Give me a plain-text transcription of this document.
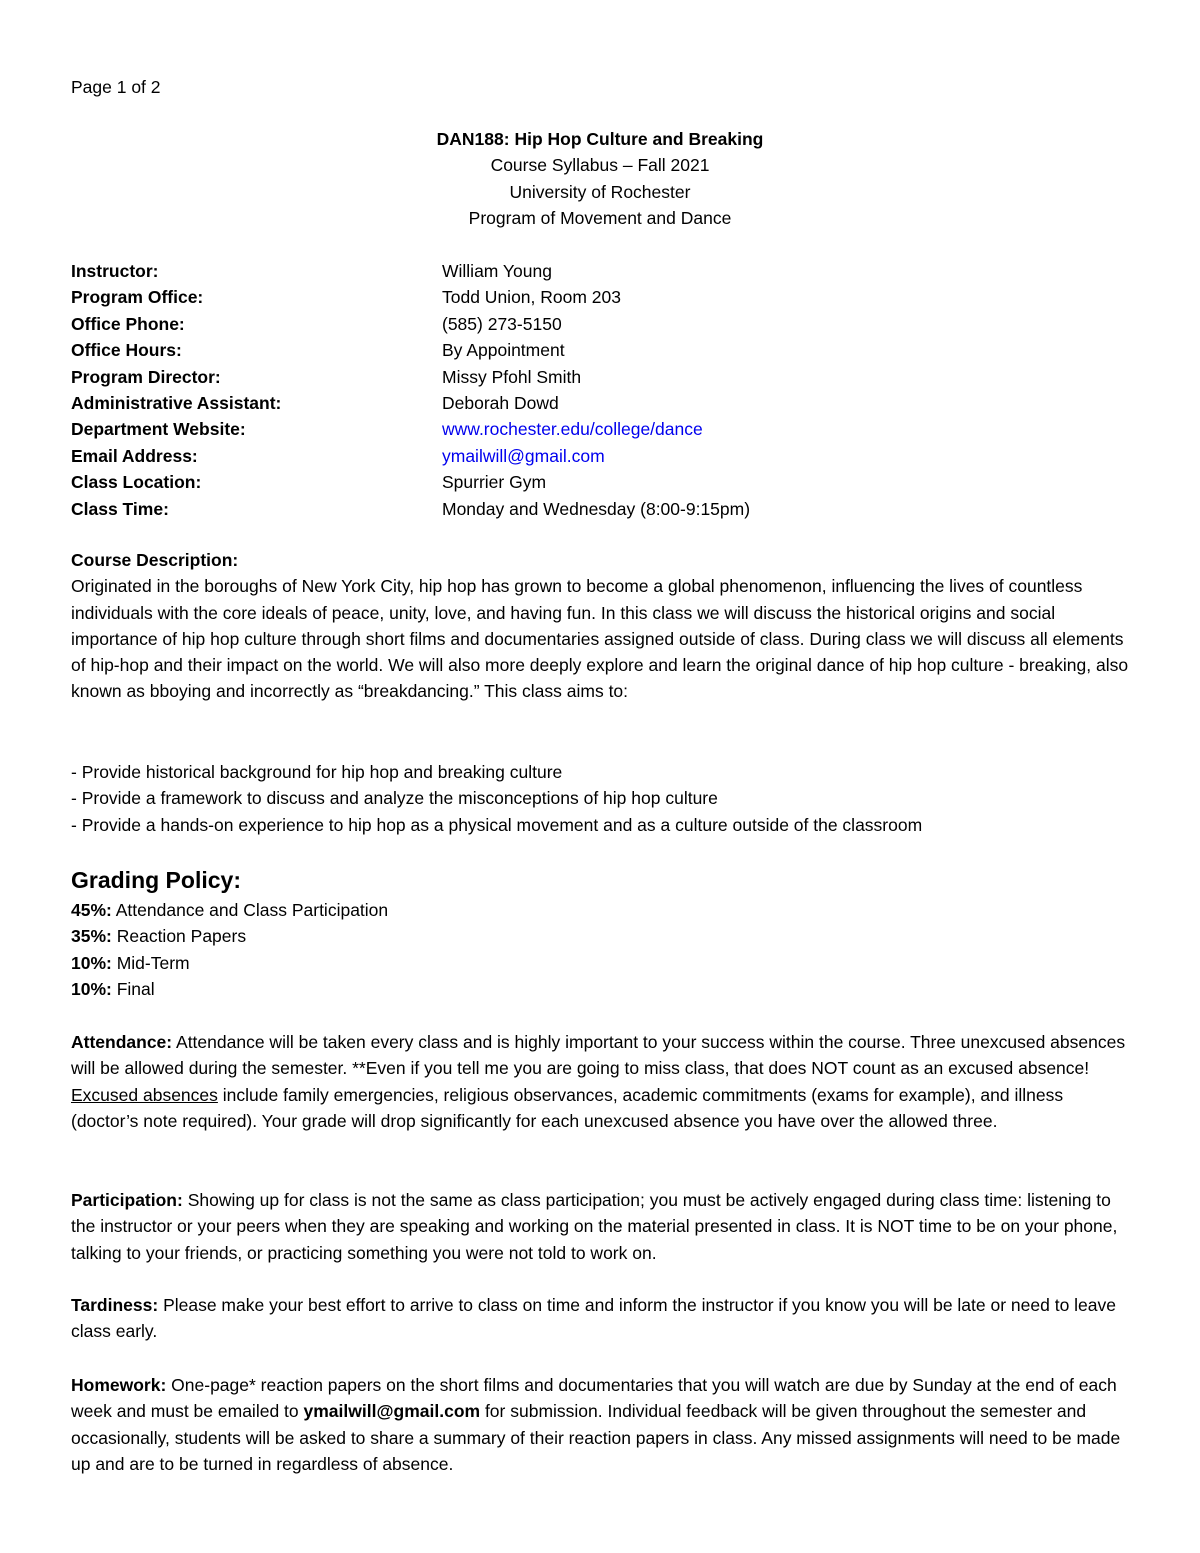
Page 1 of 2
DAN188: Hip Hop Culture and Breaking
Course Syllabus – Fall 2021
University of Rochester
Program of Movement and Dance
Instructor:	William Young
Program Office:	Todd Union, Room 203
Office Phone:	(585) 273-5150
Office Hours:	By Appointment
Program Director:	Missy Pfohl Smith
Administrative Assistant:	Deborah Dowd
Department Website:	www.rochester.edu/college/dance
Email Address:	ymailwill@gmail.com
Class Location:	Spurrier Gym
Class Time:	Monday and Wednesday (8:00-9:15pm)
Course Description:
Originated in the boroughs of New York City, hip hop has grown to become a global phenomenon, influencing the lives of countless individuals with the core ideals of peace, unity, love, and having fun. In this class we will discuss the historical origins and social importance of hip hop culture through short films and documentaries assigned outside of class. During class we will discuss all elements of hip-hop and their impact on the world. We will also more deeply explore and learn the original dance of hip hop culture - breaking, also known as bboying and incorrectly as “breakdancing.” This class aims to:
- Provide historical background for hip hop and breaking culture
- Provide a framework to discuss and analyze the misconceptions of hip hop culture
- Provide a hands-on experience to hip hop as a physical movement and as a culture outside of the classroom
Grading Policy:
45%: Attendance and Class Participation
35%: Reaction Papers
10%: Mid-Term
10%: Final
Attendance: Attendance will be taken every class and is highly important to your success within the course. Three unexcused absences will be allowed during the semester. **Even if you tell me you are going to miss class, that does NOT count as an excused absence! Excused absences include family emergencies, religious observances, academic commitments (exams for example), and illness (doctor’s note required). Your grade will drop significantly for each unexcused absence you have over the allowed three.
Participation: Showing up for class is not the same as class participation; you must be actively engaged during class time: listening to the instructor or your peers when they are speaking and working on the material presented in class. It is NOT time to be on your phone, talking to your friends, or practicing something you were not told to work on.
Tardiness: Please make your best effort to arrive to class on time and inform the instructor if you know you will be late or need to leave class early.
Homework: One-page* reaction papers on the short films and documentaries that you will watch are due by Sunday at the end of each week and must be emailed to ymailwill@gmail.com for submission. Individual feedback will be given throughout the semester and occasionally, students will be asked to share a summary of their reaction papers in class. Any missed assignments will need to be made up and are to be turned in regardless of absence.
